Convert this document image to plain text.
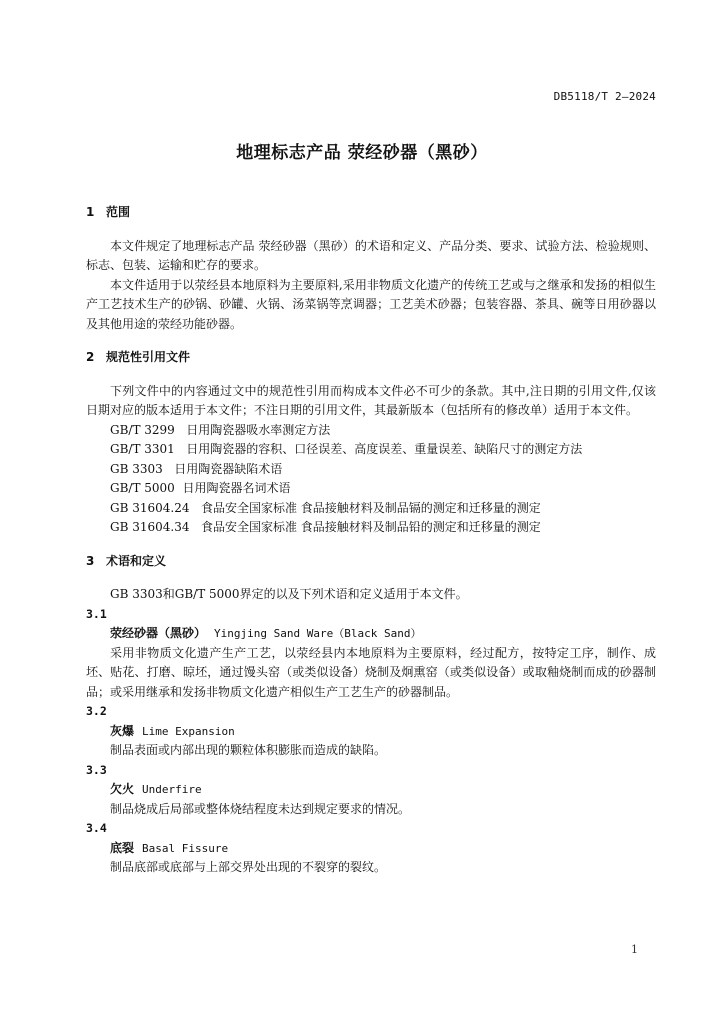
DB5118/T 2—2024
地理标志产品 荥经砂器（黑砂）

1 范围

本文件规定了地理标志产品 荥经砂器（黑砂）的术语和定义、产品分类、要求、试验方法、检验规则、标志、包装、运输和贮存的要求。

本文件适用于以荥经县本地原料为主要原料,采用非物质文化遗产的传统工艺或与之继承和发扬的相似生产工艺技术生产的砂锅、砂罐、火锅、汤菜锅等烹调器；工艺美术砂器；包装容器、茶具、碗等日用砂器以及其他用途的荥经功能砂器。

2 规范性引用文件

下列文件中的内容通过文中的规范性引用而构成本文件必不可少的条款。其中,注日期的引用文件,仅该日期对应的版本适用于本文件；不注日期的引用文件，其最新版本（包括所有的修改单）适用于本文件。

GB/T 3299 日用陶瓷器吸水率测定方法

GB/T 3301 日用陶瓷器的容积、口径误差、高度误差、重量误差、缺陷尺寸的测定方法

GB 3303 日用陶瓷器缺陷术语

GB/T 5000 日用陶瓷器名词术语

GB 31604.24 食品安全国家标准 食品接触材料及制品镉的测定和迁移量的测定

GB 31604.34 食品安全国家标准 食品接触材料及制品铅的测定和迁移量的测定

3 术语和定义

GB 3303和GB/T 5000界定的以及下列术语和定义适用于本文件。

3.1

荥经砂器（黑砂） Yingjing Sand Ware（Black Sand）

采用非物质文化遗产生产工艺，以荥经县内本地原料为主要原料，经过配方，按特定工序，制作、成坯、贴花、打磨、晾坯，通过馒头窑（或类似设备）烧制及炯熏窑（或类似设备）或取釉烧制而成的砂器制品；或采用继承和发扬非物质文化遗产相似生产工艺生产的砂器制品。

3.2

灰爆 Lime Expansion

制品表面或内部出现的颗粒体积膨胀而造成的缺陷。

3.3

欠火 Underfire

制品烧成后局部或整体烧结程度未达到规定要求的情况。

3.4

底裂 Basal Fissure

制品底部或底部与上部交界处出现的不裂穿的裂纹。

1
